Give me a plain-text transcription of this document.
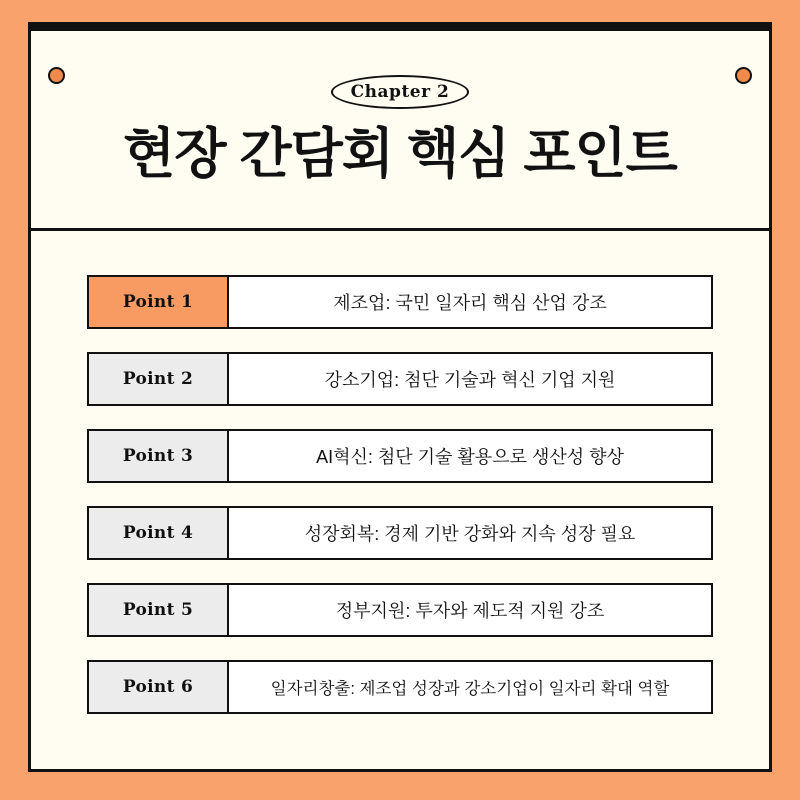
Chapter 2
현장 간담회 핵심 포인트
Point 1	제조업: 국민 일자리 핵심 산업 강조
Point 2	강소기업: 첨단 기술과 혁신 기업 지원
Point 3	AI혁신: 첨단 기술 활용으로 생산성 향상
Point 4	성장회복: 경제 기반 강화와 지속 성장 필요
Point 5	정부지원: 투자와 제도적 지원 강조
Point 6	일자리창출: 제조업 성장과 강소기업이 일자리 확대 역할
